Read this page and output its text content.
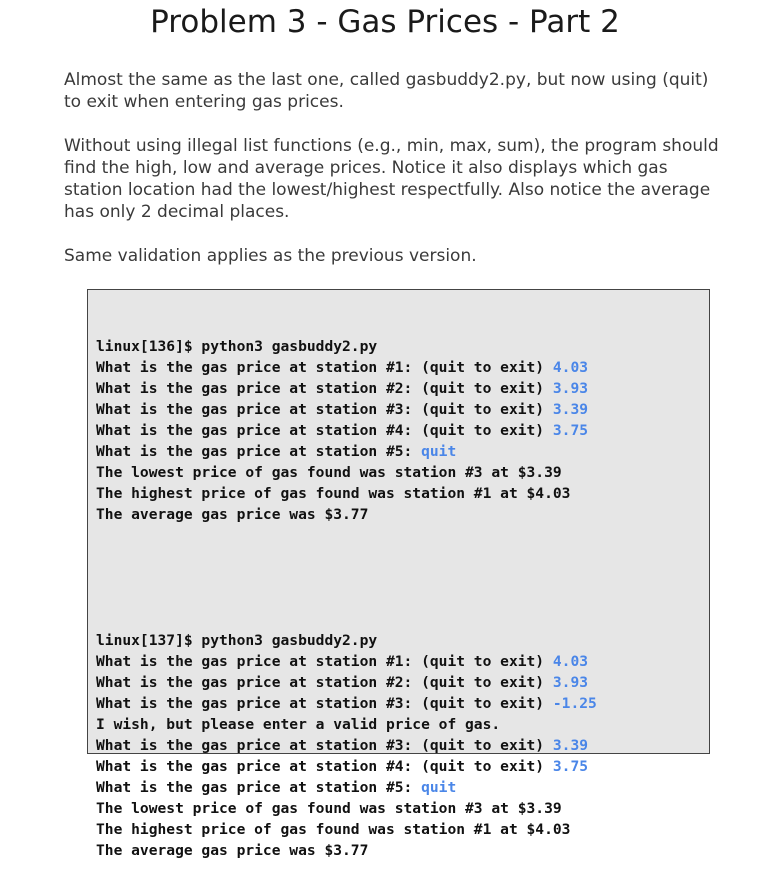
Problem 3 - Gas Prices - Part 2

Almost the same as the last one, called gasbuddy2.py, but now using (quit) to exit when entering gas prices.

Without using illegal list functions (e.g., min, max, sum), the program should find the high, low and average prices. Notice it also displays which gas station location had the lowest/highest respectfully. Also notice the average has only 2 decimal places.

Same validation applies as the previous version.

linux[136]$ python3 gasbuddy2.py
What is the gas price at station #1: (quit to exit) 4.03
What is the gas price at station #2: (quit to exit) 3.93
What is the gas price at station #3: (quit to exit) 3.39
What is the gas price at station #4: (quit to exit) 3.75
What is the gas price at station #5: quit
The lowest price of gas found was station #3 at $3.39
The highest price of gas found was station #1 at $4.03
The average gas price was $3.77

linux[137]$ python3 gasbuddy2.py
What is the gas price at station #1: (quit to exit) 4.03
What is the gas price at station #2: (quit to exit) 3.93
What is the gas price at station #3: (quit to exit) -1.25
I wish, but please enter a valid price of gas.
What is the gas price at station #3: (quit to exit) 3.39
What is the gas price at station #4: (quit to exit) 3.75
What is the gas price at station #5: quit
The lowest price of gas found was station #3 at $3.39
The highest price of gas found was station #1 at $4.03
The average gas price was $3.77
